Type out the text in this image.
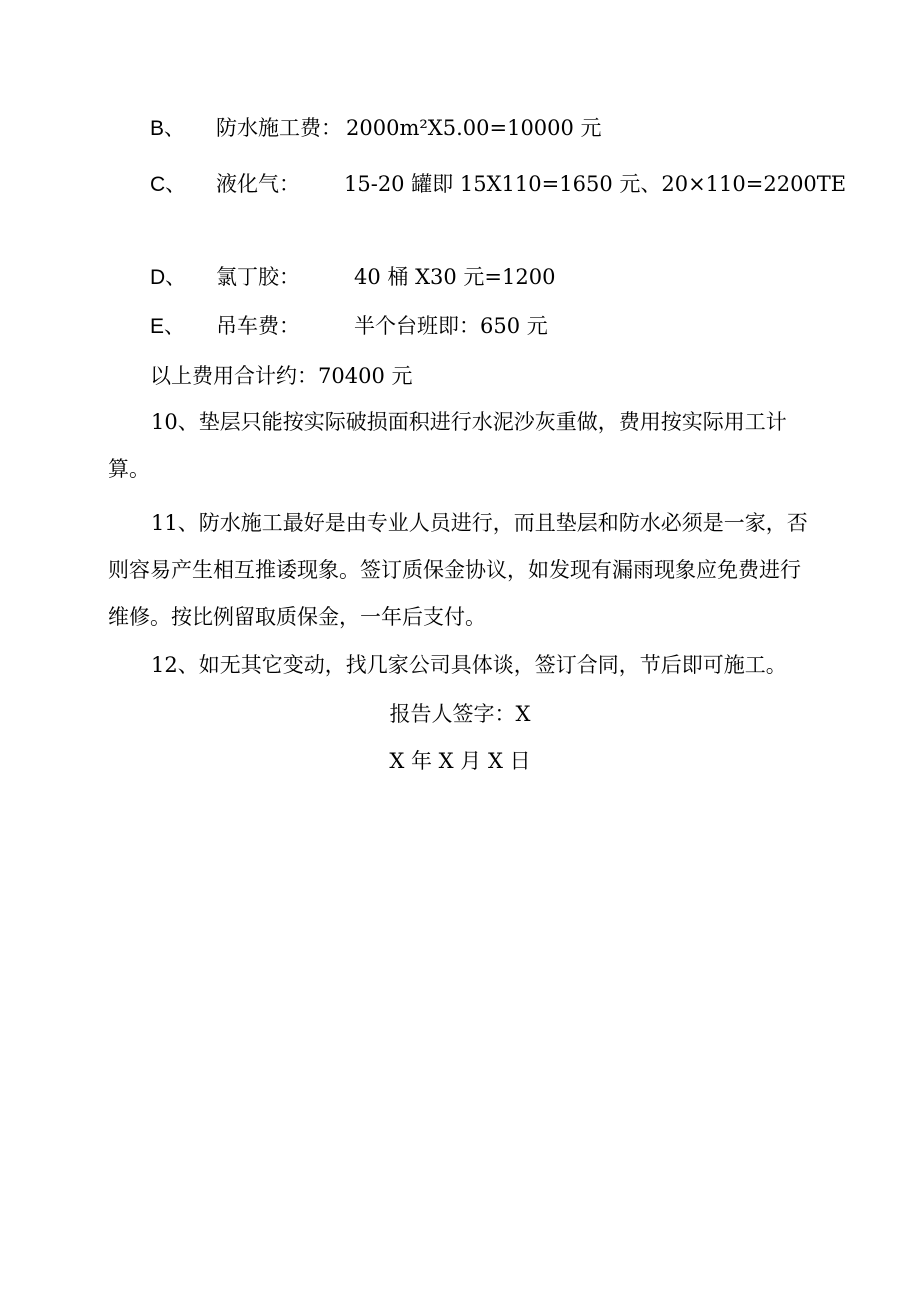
B、 防水施工费： 2000m²X5.00=10000 元
C、 液化气： 15-20 罐即 15X110=1650 元、20×110=2200TE
D、 氯丁胶：	40 桶 X30 元=1200
E、 吊车费：	半个台班即：650 元
以上费用合计约：70400 元
10、垫层只能按实际破损面积进行水泥沙灰重做，费用按实际用工计算。
11、防水施工最好是由专业人员进行，而且垫层和防水必须是一家，否则容易产生相互推诿现象。签订质保金协议，如发现有漏雨现象应免费进行维修。按比例留取质保金，一年后支付。
12、如无其它变动，找几家公司具体谈，签订合同，节后即可施工。
报告人签字：X
X 年 X 月 X 日
